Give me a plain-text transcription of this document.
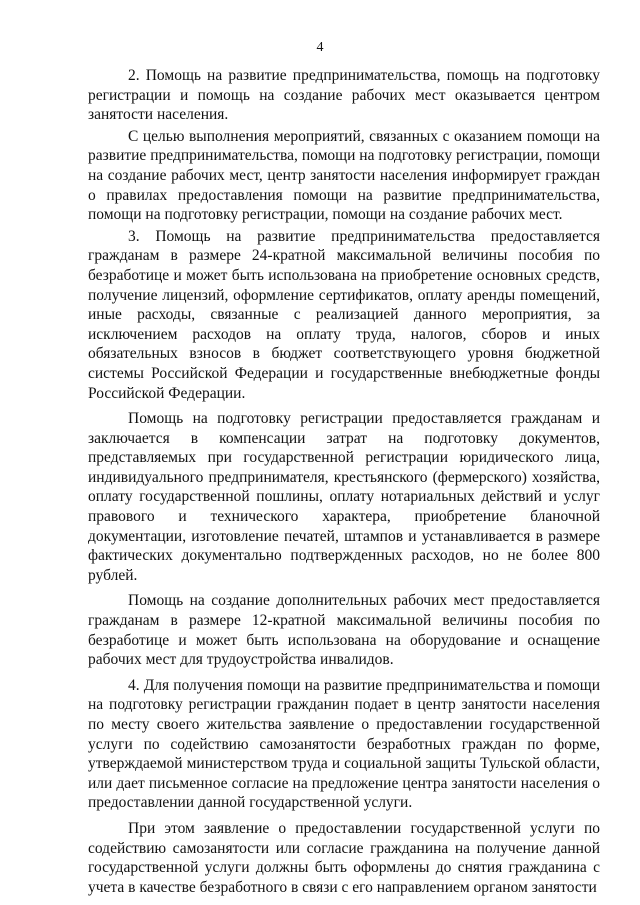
4

2. Помощь на развитие предпринимательства, помощь на подготовку регистрации и помощь на создание рабочих мест оказывается центром занятости населения.

С целью выполнения мероприятий, связанных с оказанием помощи на развитие предпринимательства, помощи на подготовку регистрации, помощи на создание рабочих мест, центр занятости населения информирует граждан о правилах предоставления помощи на развитие предпринимательства, помощи на подготовку регистрации, помощи на создание рабочих мест.

3. Помощь на развитие предпринимательства предоставляется гражданам в размере 24-кратной максимальной величины пособия по безработице и может быть использована на приобретение основных средств, получение лицензий, оформление сертификатов, оплату аренды помещений, иные расходы, связанные с реализацией данного мероприятия, за исключением расходов на оплату труда, налогов, сборов и иных обязательных взносов в бюджет соответствующего уровня бюджетной системы Российской Федерации и государственные внебюджетные фонды Российской Федерации.

Помощь на подготовку регистрации предоставляется гражданам и заключается в компенсации затрат на подготовку документов, представляемых при государственной регистрации юридического лица, индивидуального предпринимателя, крестьянского (фермерского) хозяйства, оплату государственной пошлины, оплату нотариальных действий и услуг правового и технического характера, приобретение бланочной документации, изготовление печатей, штампов и устанавливается в размере фактических документально подтвержденных расходов, но не более 800 рублей.

Помощь на создание дополнительных рабочих мест предоставляется гражданам в размере 12-кратной максимальной величины пособия по безработице и может быть использована на оборудование и оснащение рабочих мест для трудоустройства инвалидов.

4. Для получения помощи на развитие предпринимательства и помощи на подготовку регистрации гражданин подает в центр занятости населения по месту своего жительства заявление о предоставлении государственной услуги по содействию самозанятости безработных граждан по форме, утверждаемой министерством труда и социальной защиты Тульской области, или дает письменное согласие на предложение центра занятости населения о предоставлении данной государственной услуги.

При этом заявление о предоставлении государственной услуги по содействию самозанятости или согласие гражданина на получение данной государственной услуги должны быть оформлены до снятия гражданина с учета в качестве безработного в связи с его направлением органом занятости
